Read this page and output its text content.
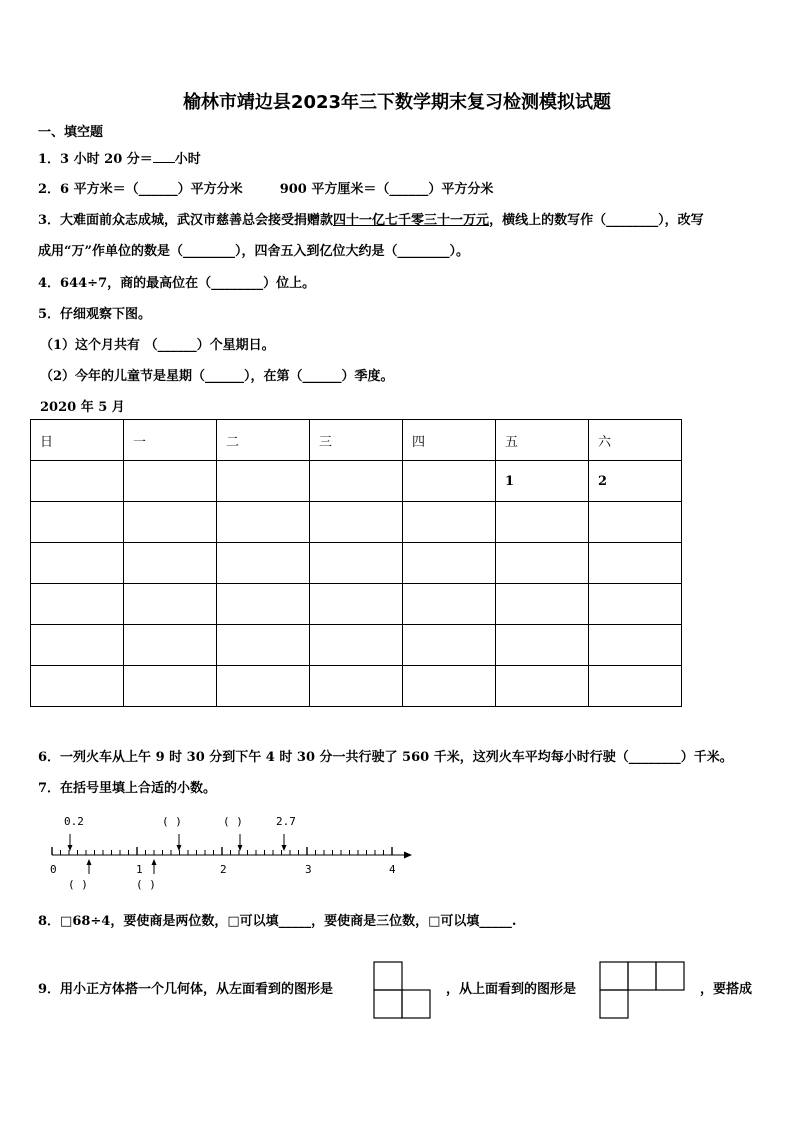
榆林市靖边县2023年三下数学期末复习检测模拟试题
一、填空题
1．3 小时 20 分＝ 小时
2．6 平方米＝（______）平方分米	900 平方厘米＝（______）平方分米
3．大难面前众志成城，武汉市慈善总会接受捐赠款四十一亿七千零三十一万元，横线上的数写作（________），改写
成用“万”作单位的数是（________），四舍五入到亿位大约是（________）。
4．644÷7，商的最高位在（________）位上。
5．仔细观察下图。
（1）这个月共有 （______）个星期日。
（2）今年的儿童节是星期（______），在第（______）季度。
2020 年 5 月
日	一	二	三	四	五	六
					1	2

6．一列火车从上午 9 时 30 分到下午 4 时 30 分一共行驶了 560 千米，这列火车平均每小时行驶（________）千米。
7．在括号里填上合适的小数。
0.2	( )	( )	2.7
0	1	2	3	4
( )	( )
8．□68÷4，要使商是两位数，□可以填_____，要使商是三位数，□可以填_____.
9．用小正方体搭一个几何体，从左面看到的图形是	，从上面看到的图形是	，要搭成
